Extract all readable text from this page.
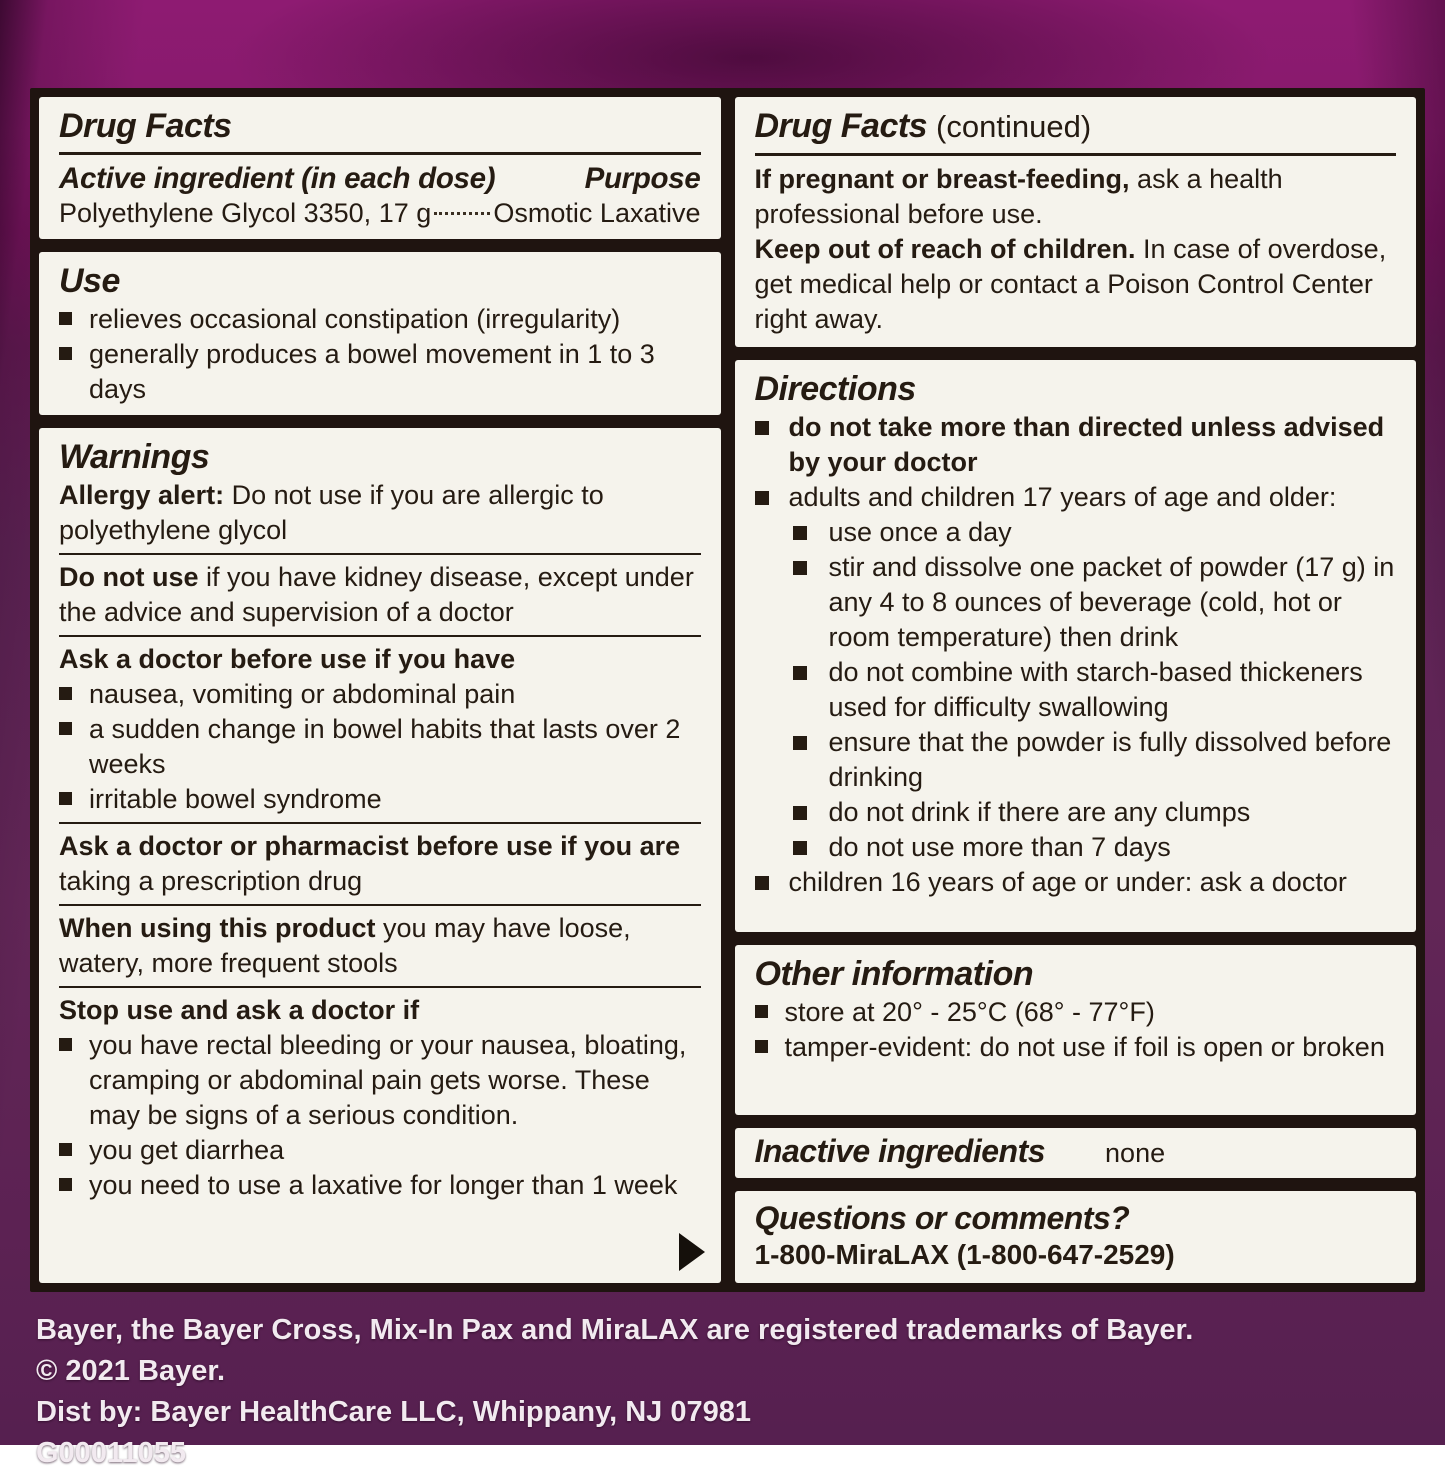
Drug Facts
Active ingredient (in each dose)	Purpose
Polyethylene Glycol 3350, 17 g Osmotic Laxative
Use
relieves occasional constipation (irregularity)
generally produces a bowel movement in 1 to 3 days
Warnings

Allergy alert: Do not use if you are allergic to polyethylene glycol

Do not use if you have kidney disease, except under the advice and supervision of a doctor

Ask a doctor before use if you have

nausea, vomiting or abdominal pain
a sudden change in bowel habits that lasts over 2 weeks
irritable bowel syndrome

Ask a doctor or pharmacist before use if you are taking a prescription drug

When using this product you may have loose, watery, more frequent stools

Stop use and ask a doctor if

you have rectal bleeding or your nausea, bloating, cramping or abdominal pain gets worse. These may be signs of a serious condition.
you get diarrhea
you need to use a laxative for longer than 1 week
Drug Facts (continued)

If pregnant or breast-feeding, ask a health professional before use.

Keep out of reach of children. In case of overdose, get medical help or contact a Poison Control Center right away.

Directions
do not take more than directed unless advised by your doctor
adults and children 17 years of age and older:
use once a day
stir and dissolve one packet of powder (17 g) in any 4 to 8 ounces of beverage (cold, hot or room temperature) then drink
do not combine with starch-based thickeners used for difficulty swallowing
ensure that the powder is fully dissolved before drinking
do not drink if there are any clumps
do not use more than 7 days
children 16 years of age or under: ask a doctor
Other information
store at 20° - 25°C (68° - 77°F)
tamper-evident: do not use if foil is open or broken
Inactive ingredients none
Questions or comments?
1-800-MiraLAX (1-800-647-2529)
Bayer, the Bayer Cross, Mix-In Pax and MiraLAX are registered trademarks of Bayer.
© 2021 Bayer.
Dist by: Bayer HealthCare LLC, Whippany, NJ 07981
G00011055
